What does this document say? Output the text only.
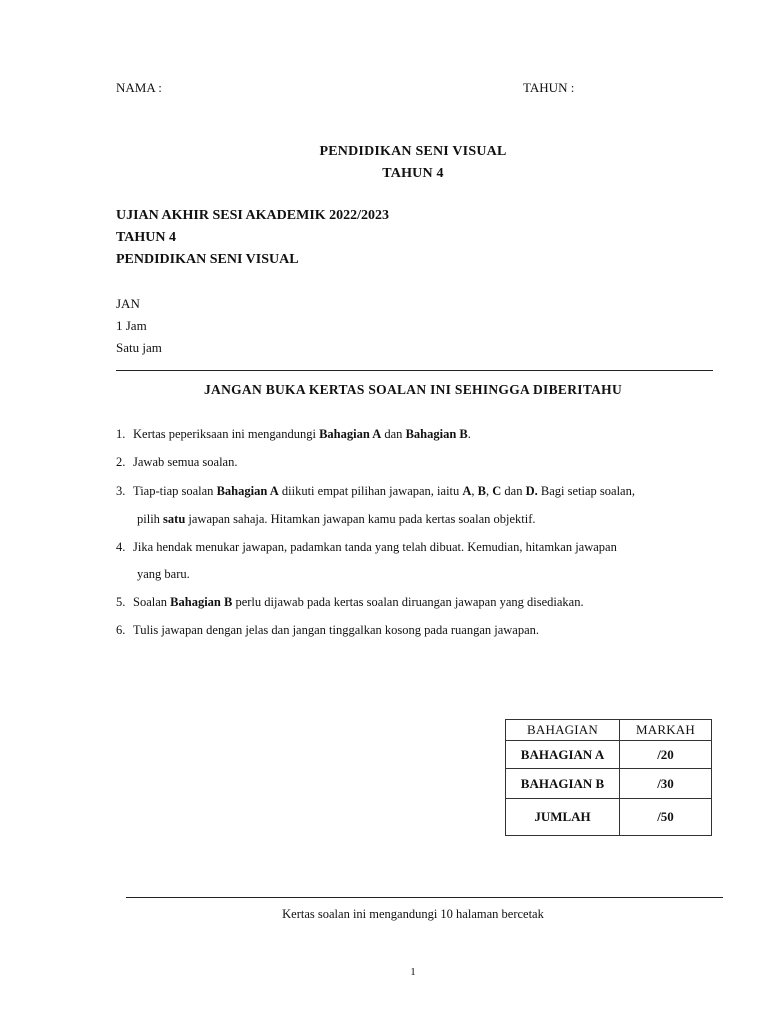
NAMA :	TAHUN :
PENDIDIKAN SENI VISUAL
TAHUN 4
UJIAN AKHIR SESI AKADEMIK 2022/2023
TAHUN 4
PENDIDIKAN SENI VISUAL
JAN
1 Jam
Satu jam
JANGAN BUKA KERTAS SOALAN INI SEHINGGA DIBERITAHU
1. Kertas peperiksaan ini mengandungi Bahagian A dan Bahagian B.
2. Jawab semua soalan.
3. Tiap-tiap soalan Bahagian A diikuti empat pilihan jawapan, iaitu A, B, C dan D. Bagi setiap soalan,
pilih satu jawapan sahaja. Hitamkan jawapan kamu pada kertas soalan objektif.
4. Jika hendak menukar jawapan, padamkan tanda yang telah dibuat. Kemudian, hitamkan jawapan
yang baru.
5. Soalan Bahagian B perlu dijawab pada kertas soalan diruangan jawapan yang disediakan.
6. Tulis jawapan dengan jelas dan jangan tinggalkan kosong pada ruangan jawapan.
BAHAGIAN	MARKAH
BAHAGIAN A	/20
BAHAGIAN B	/30
JUMLAH	/50
Kertas soalan ini mengandungi 10 halaman bercetak
1
